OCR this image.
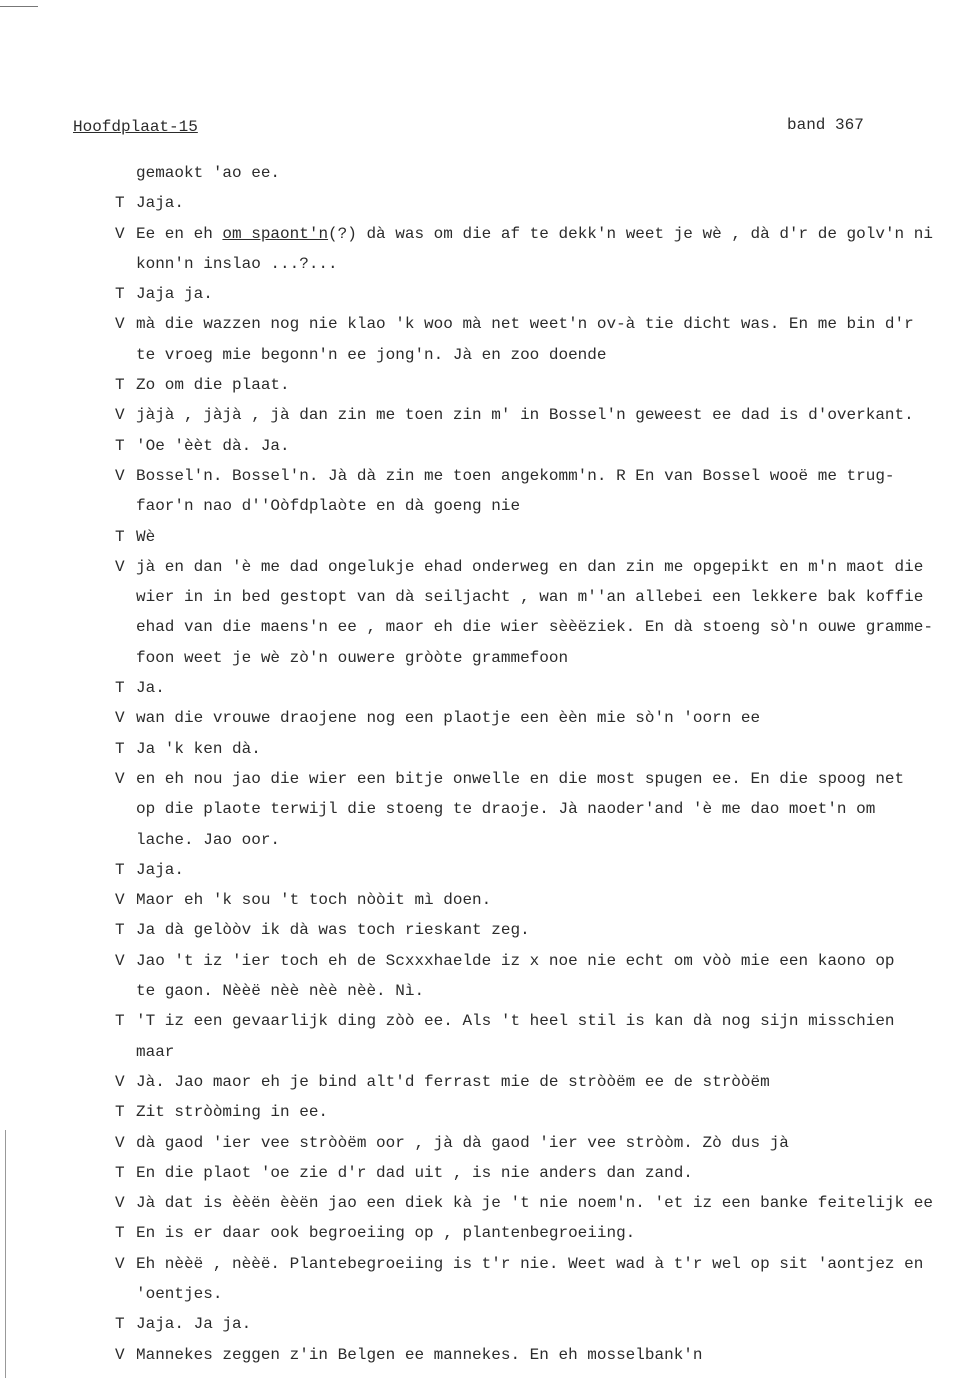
Hoofdplaat-15	band 367
gemaokt 'ao ee.
T Jaja.
V Ee en eh om spaont'n(?) dà was om die af te dekk'n weet je wè , dà d'r de golv'n ni
konn'n inslao ...?...
T Jaja ja.
V mà die wazzen nog nie klao 'k woo mà net weet'n ov-à tie dicht was. En me bin d'r
te vroeg mie begonn'n ee jong'n. Jà en zoo doende
T Zo om die plaat.
V jàjà , jàjà , jà dan zin me toen zin m' in Bossel'n geweest ee dad is d'overkant.
T 'Oe 'èèt dà. Ja.
V Bossel'n. Bossel'n. Jà dà zin me toen angekomm'n. R En van Bossel wooë me trug-
faor'n nao d''Oòfdplaòte en dà goeng nie
T Wè
V jà en dan 'è me dad ongelukje ehad onderweg en dan zin me opgepikt en m'n maot die
wier in in bed gestopt van dà seiljacht , wan m''an allebei een lekkere bak koffie
ehad van die maens'n ee , maor eh die wier sèèëziek. En dà stoeng sò'n ouwe gramme-
foon weet je wè zò'n ouwere gròòte grammefoon
T Ja.
V wan die vrouwe draojene nog een plaotje een èèn mie sò'n 'oorn ee
T Ja 'k ken dà.
V en eh nou jao die wier een bitje onwelle en die most spugen ee. En die spoog net
op die plaote terwijl die stoeng te draoje. Jà naoder'and 'è me dao moet'n om
lache. Jao oor.
T Jaja.
V Maor eh 'k sou 't toch nòòit mì doen.
T Ja dà gelòòv ik dà was toch rieskant zeg.
V Jao 't iz 'ier toch eh de Scxxxhaelde iz x noe nie echt om vòò mie een kaono op
te gaon. Nèèë nèè nèè nèè. Nì.
T 'T iz een gevaarlijk ding zòò ee. Als 't heel stil is kan dà nog sijn misschien
maar
V Jà. Jao maor eh je bind alt'd ferrast mie de stròòëm ee de stròòëm
T Zit stròòming in ee.
V dà gaod 'ier vee stròòëm oor , jà dà gaod 'ier vee stròòm. Zò dus jà
T En die plaot 'oe zie d'r dad uit , is nie anders dan zand.
V Jà dat is èèën èèën jao een diek kà je 't nie noem'n. 'et iz een banke feitelijk ee
T En is er daar ook begroeiing op , plantenbegroeiing.
V Eh nèèë , nèèë. Plantebegroeiing is t'r nie. Weet wad à t'r wel op sit 'aontjez en
'oentjes.
T Jaja. Ja ja.
V Mannekes zeggen z'in Belgen ee mannekes. En eh mosselbank'n
